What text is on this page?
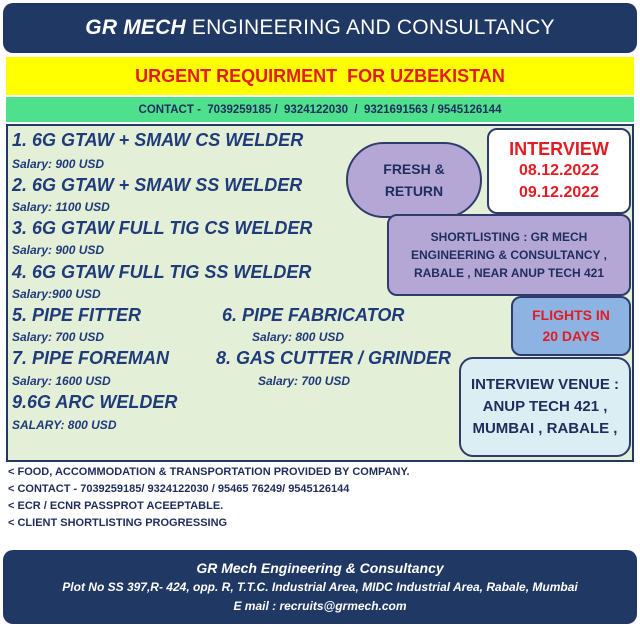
GR MECH ENGINEERING AND CONSULTANCY
URGENT REQUIRMENT  FOR UZBEKISTAN
CONTACT -  7039259185 /  9324122030  /  9321691563 / 9545126144
1. 6G GTAW + SMAW CS WELDER
Salary: 900 USD
2. 6G GTAW + SMAW SS WELDER
Salary: 1100 USD
3. 6G GTAW FULL TIG CS WELDER
Salary: 900 USD
4. 6G GTAW FULL TIG SS WELDER
Salary:900 USD
5. PIPE FITTER
Salary: 700 USD
6. PIPE FABRICATOR
Salary: 800 USD
7. PIPE FOREMAN
Salary: 1600 USD
8. GAS CUTTER / GRINDER
Salary: 700 USD
9.6G ARC WELDER
SALARY: 800 USD
FRESH &
RETURN
INTERVIEW
08.12.2022
09.12.2022
SHORTLISTING : GR MECH
ENGINEERING & CONSULTANCY ,
RABALE , NEAR ANUP TECH 421
FLIGHTS IN
20 DAYS
INTERVIEW VENUE :
ANUP TECH 421 ,
MUMBAI , RABALE ,
< FOOD, ACCOMMODATION & TRANSPORTATION PROVIDED BY COMPANY.
< CONTACT - 7039259185/ 9324122030 / 95465 76249/ 9545126144
< ECR / ECNR PASSPROT ACEEPTABLE.
< CLIENT SHORTLISTING PROGRESSING
GR Mech Engineering & Consultancy
Plot No SS 397,R- 424, opp. R, T.T.C. Industrial Area, MIDC Industrial Area, Rabale, Mumbai
E mail : recruits@grmech.com
